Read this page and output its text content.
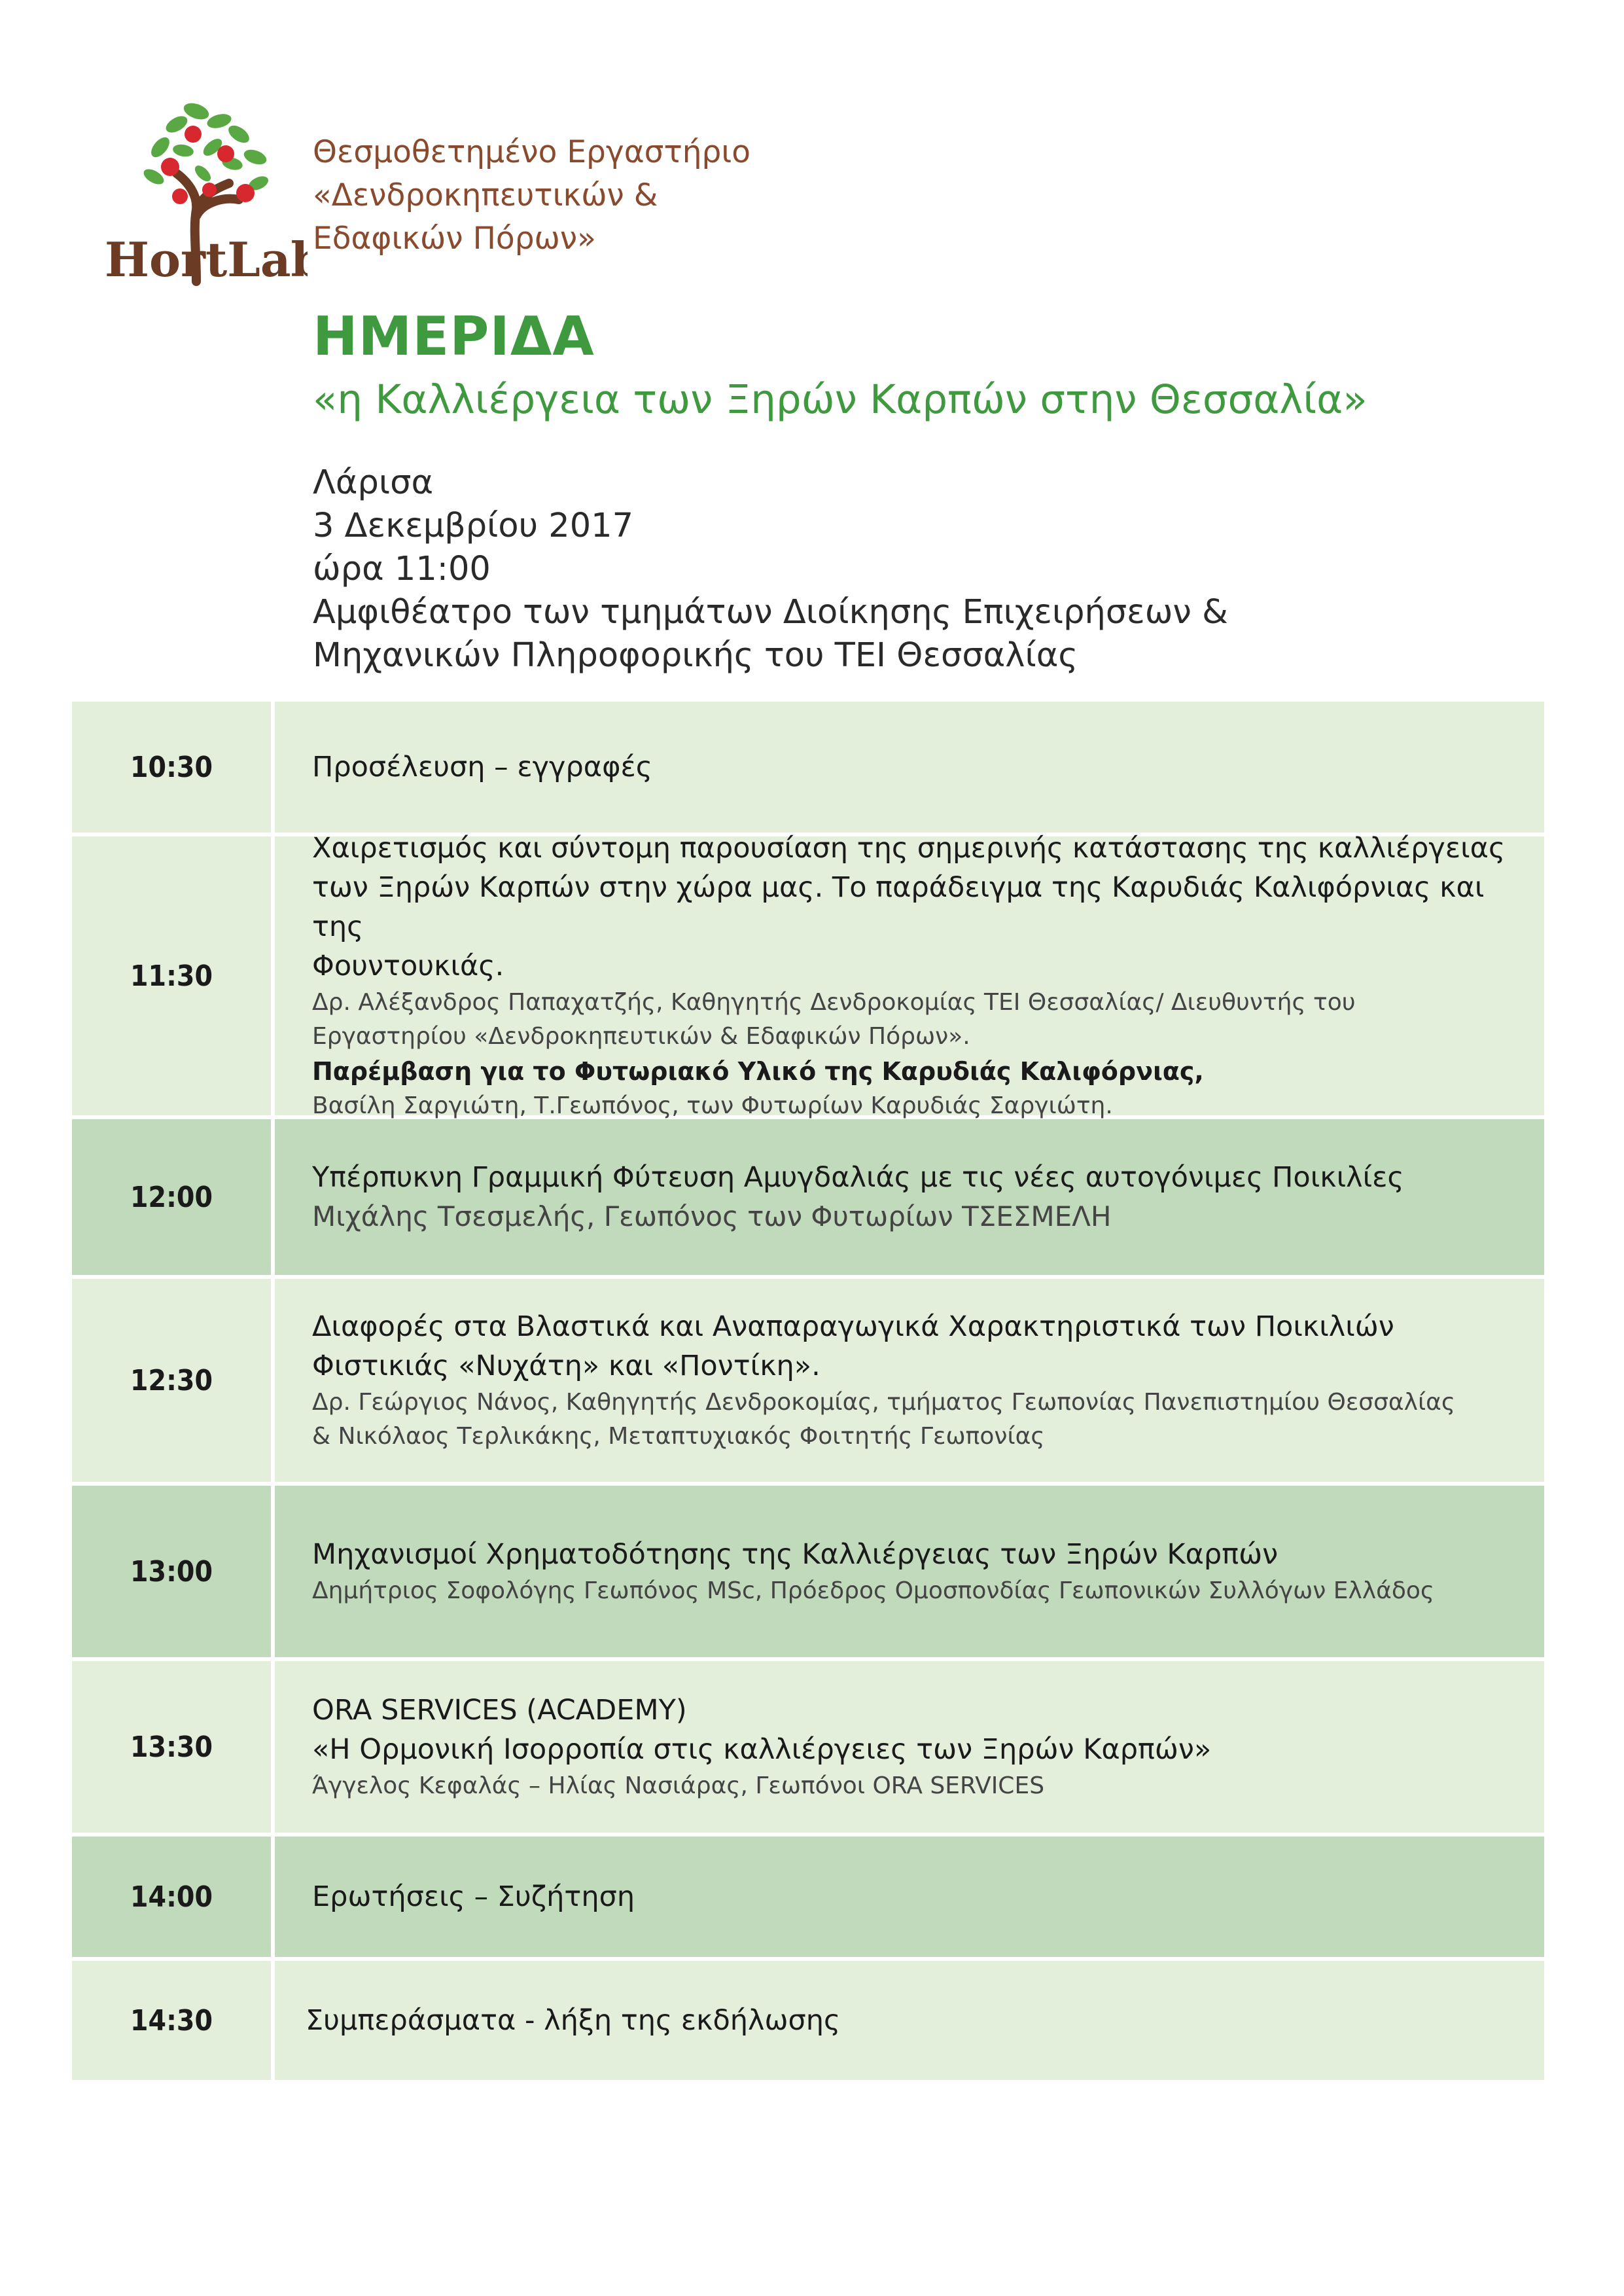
HortLab
Θεσμοθετημένο Εργαστήριο
«Δενδροκηπευτικών &
Εδαφικών Πόρων»
ΗΜΕΡΙΔΑ
«η Καλλιέργεια των Ξηρών Καρπών στην Θεσσαλία»
Λάρισα
3 Δεκεμβρίου 2017
ώρα 11:00
Αμφιθέατρο των τμημάτων Διοίκησης Επιχειρήσεων &
Μηχανικών Πληροφορικής του ΤΕΙ Θεσσαλίας
10:30	Προσέλευση – εγγραφές
11:30
Χαιρετισμός και σύντομη παρουσίαση της σημερινής κατάστασης της καλλιέργειας
των Ξηρών Καρπών στην χώρα μας. Το παράδειγμα της Καρυδιάς Καλιφόρνιας και της
Φουντουκιάς.
Δρ. Αλέξανδρος Παπαχατζής, Καθηγητής Δενδροκομίας ΤΕΙ Θεσσαλίας/ Διευθυντής του
Εργαστηρίου «Δενδροκηπευτικών & Εδαφικών Πόρων».
Παρέμβαση για το Φυτωριακό Υλικό της Καρυδιάς Καλιφόρνιας,
Βασίλη Σαργιώτη, Τ.Γεωπόνος, των Φυτωρίων Καρυδιάς Σαργιώτη.
12:00
Υπέρπυκνη Γραμμική Φύτευση Αμυγδαλιάς με τις νέες αυτογόνιμες Ποικιλίες
Μιχάλης Τσεσμελής, Γεωπόνος των Φυτωρίων ΤΣΕΣΜΕΛΗ
12:30
Διαφορές στα Βλαστικά και Αναπαραγωγικά Χαρακτηριστικά των Ποικιλιών
Φιστικιάς «Νυχάτη» και «Ποντίκη».
Δρ. Γεώργιος Νάνος, Καθηγητής Δενδροκομίας, τμήματος Γεωπονίας Πανεπιστημίου Θεσσαλίας
& Νικόλαος Τερλικάκης, Μεταπτυχιακός Φοιτητής Γεωπονίας
13:00
Μηχανισμοί Χρηματοδότησης της Καλλιέργειας των Ξηρών Καρπών
Δημήτριος Σοφολόγης Γεωπόνος MSc, Πρόεδρος Ομοσπονδίας Γεωπονικών Συλλόγων Ελλάδος
13:30
ORA SERVICES (ACADEMY)
«Η Ορμονική Ισορροπία στις καλλιέργειες των Ξηρών Καρπών»
Άγγελος Κεφαλάς – Ηλίας Νασιάρας, Γεωπόνοι ORA SERVICES
14:00	Ερωτήσεις – Συζήτηση
14:30	Συμπεράσματα - λήξη της εκδήλωσης
